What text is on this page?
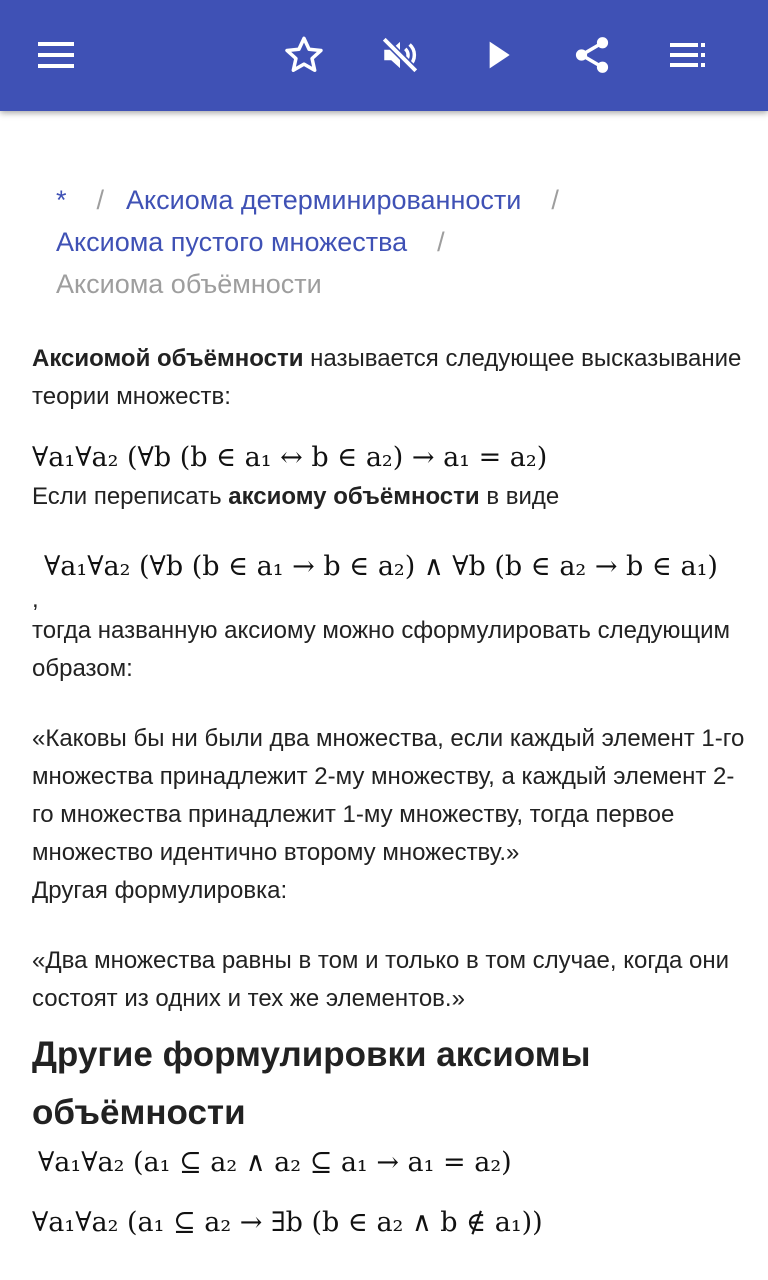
* / Аксиома детерминированности /
Аксиома пустого множества /
Аксиома объёмности

Аксиомой объёмности называется следующее высказывание теории множеств:

∀a₁∀a₂ (∀b (b ∈ a₁ ↔ b ∈ a₂) → a₁ = a₂)

Если переписать аксиому объёмности в виде

∀a₁∀a₂ (∀b (b ∈ a₁ → b ∈ a₂) ∧ ∀b (b ∈ a₂ → b ∈ a₁)
,

тогда названную аксиому можно сформулировать следующим образом:

«Каковы бы ни были два множества, если каждый элемент 1-го множества принадлежит 2-му множеству, а каждый элемент 2-го множества принадлежит 1-му множеству, тогда первое множество идентично второму множеству.»

Другая формулировка:

«Два множества равны в том и только в том случае, когда они состоят из одних и тех же элементов.»

Другие формулировки аксиомы объёмности
∀a₁∀a₂ (a₁ ⊆ a₂ ∧ a₂ ⊆ a₁ → a₁ = a₂)
∀a₁∀a₂ (a₁ ⊆ a₂ → ∃b (b ∈ a₂ ∧ b ∉ a₁))
